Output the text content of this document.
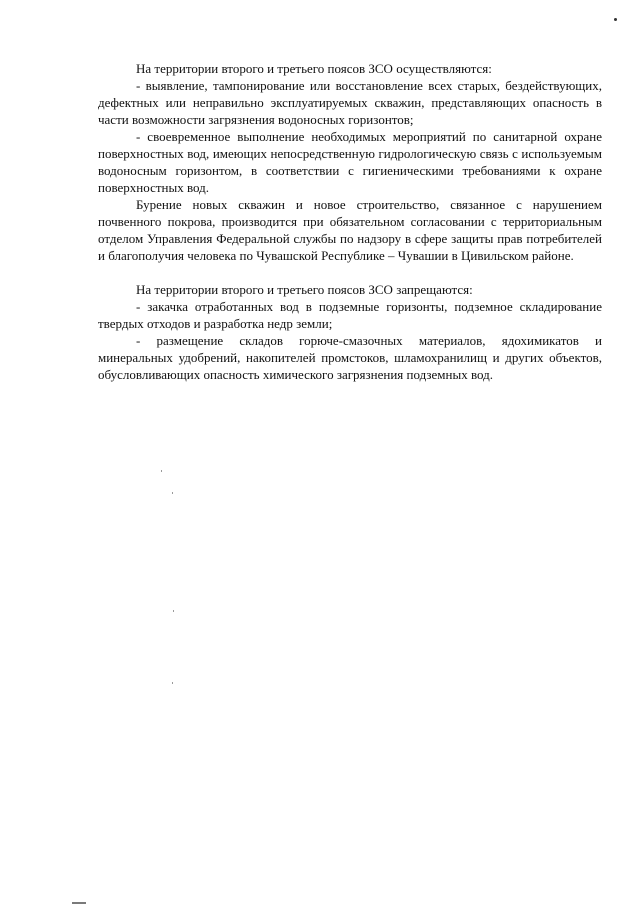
На территории второго и третьего поясов ЗСО осуществляются:

- выявление, тампонирование или восстановление всех старых, бездействующих, дефектных или неправильно эксплуатируемых скважин, представляющих опасность в части возможности загрязнения водоносных горизонтов;

- своевременное выполнение необходимых мероприятий по санитарной охране поверхностных вод, имеющих непосредственную гидрологическую связь с используемым водоносным горизонтом, в соответствии с гигиеническими требованиями к охране поверхностных вод.

Бурение новых скважин и новое строительство, связанное с нарушением почвенного покрова, производится при обязательном согласовании с территориальным отделом Управления Федеральной службы по надзору в сфере защиты прав потребителей и благополучия человека по Чувашской Республике – Чувашии в Цивильском районе.

На территории второго и третьего поясов ЗСО запрещаются:

- закачка отработанных вод в подземные горизонты, подземное складирование твердых отходов и разработка недр земли;

- размещение складов горюче-смазочных материалов, ядохимикатов и минеральных удобрений, накопителей промстоков, шламохранилищ и других объектов, обусловливающих опасность химического загрязнения подземных вод.
